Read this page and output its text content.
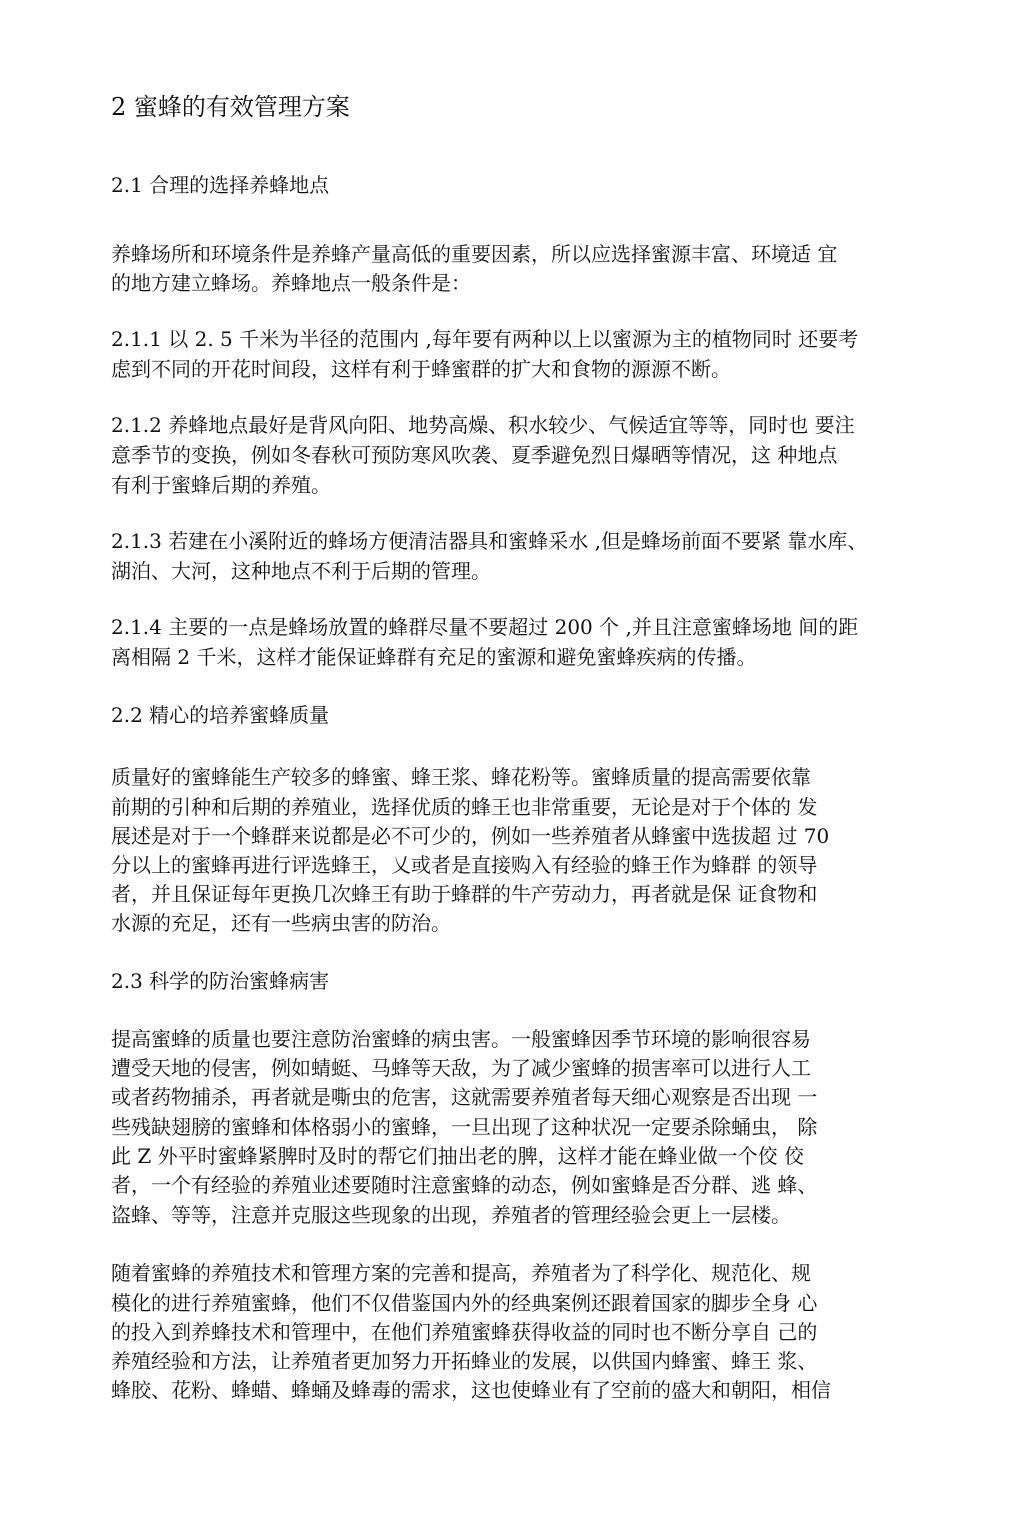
2 蜜蜂的有效管理方案

2.1 合理的选择养蜂地点

养蜂场所和环境条件是养蜂产量高低的重要因素，所以应选择蜜源丰富、环境适 宜

的地方建立蜂场。养蜂地点一般条件是：

2.1.1 以 2. 5 千米为半径的范围内 ,每年要有两种以上以蜜源为主的植物同时 还要考

虑到不同的开花时间段，这样有利于蜂蜜群的扩大和食物的源源不断。

2.1.2 养蜂地点最好是背风向阳、地势高燥、积水较少、气候适宜等等，同时也 要注

意季节的变换，例如冬春秋可预防寒风吹袭、夏季避免烈日爆晒等情况，这 种地点

有利于蜜蜂后期的养殖。

2.1.3 若建在小溪附近的蜂场方便清洁器具和蜜蜂采水 ,但是蜂场前面不要紧 靠水库、

湖泊、大河，这种地点不利于后期的管理。

2.1.4 主要的一点是蜂场放置的蜂群尽量不要超过 200 个 ,并且注意蜜蜂场地 间的距

离相隔 2 千米，这样才能保证蜂群有充足的蜜源和避免蜜蜂疾病的传播。

2.2 精心的培养蜜蜂质量

质量好的蜜蜂能生产较多的蜂蜜、蜂王浆、蜂花粉等。蜜蜂质量的提高需要依靠

前期的引种和后期的养殖业，选择优质的蜂王也非常重要，无论是对于个体的 发

展述是对于一个蜂群来说都是必不可少的，例如一些养殖者从蜂蜜中选拔超 过 70

分以上的蜜蜂再进行评选蜂王，乂或者是直接购入有经验的蜂王作为蜂群 的领导

者，并且保证每年更换几次蜂王有助于蜂群的牛产劳动力，再者就是保 证食物和

水源的充足，还有一些病虫害的防治。

2.3 科学的防治蜜蜂病害

提高蜜蜂的质量也要注意防治蜜蜂的病虫害。一般蜜蜂因季节环境的影响很容易

遭受天地的侵害，例如蜻蜓、马蜂等天敌，为了减少蜜蜂的损害率可以进行人工

或者药物捕杀，再者就是嘶虫的危害，这就需要养殖者每天细心观察是否出现 一

些残缺翅膀的蜜蜂和体格弱小的蜜蜂，一旦出现了这种状况一定要杀除蛹虫， 除

此 Z 外平时蜜蜂紧脾时及时的帮它们抽出老的脾，这样才能在蜂业做一个佼 佼

者，一个有经验的养殖业述要随时注意蜜蜂的动态，例如蜜蜂是否分群、逃 蜂、

盗蜂、等等，注意并克服这些现象的出现，养殖者的管理经验会更上一层楼。

随着蜜蜂的养殖技术和管理方案的完善和提高，养殖者为了科学化、规范化、规

模化的进行养殖蜜蜂，他们不仅借鉴国内外的经典案例还跟着国家的脚步全身 心

的投入到养蜂技术和管理中，在他们养殖蜜蜂获得收益的同时也不断分享自 己的

养殖经验和方法，让养殖者更加努力开拓蜂业的发展，以供国内蜂蜜、蜂王 浆、

蜂胶、花粉、蜂蜡、蜂蛹及蜂毒的需求，这也使蜂业有了空前的盛大和朝阳，相信
